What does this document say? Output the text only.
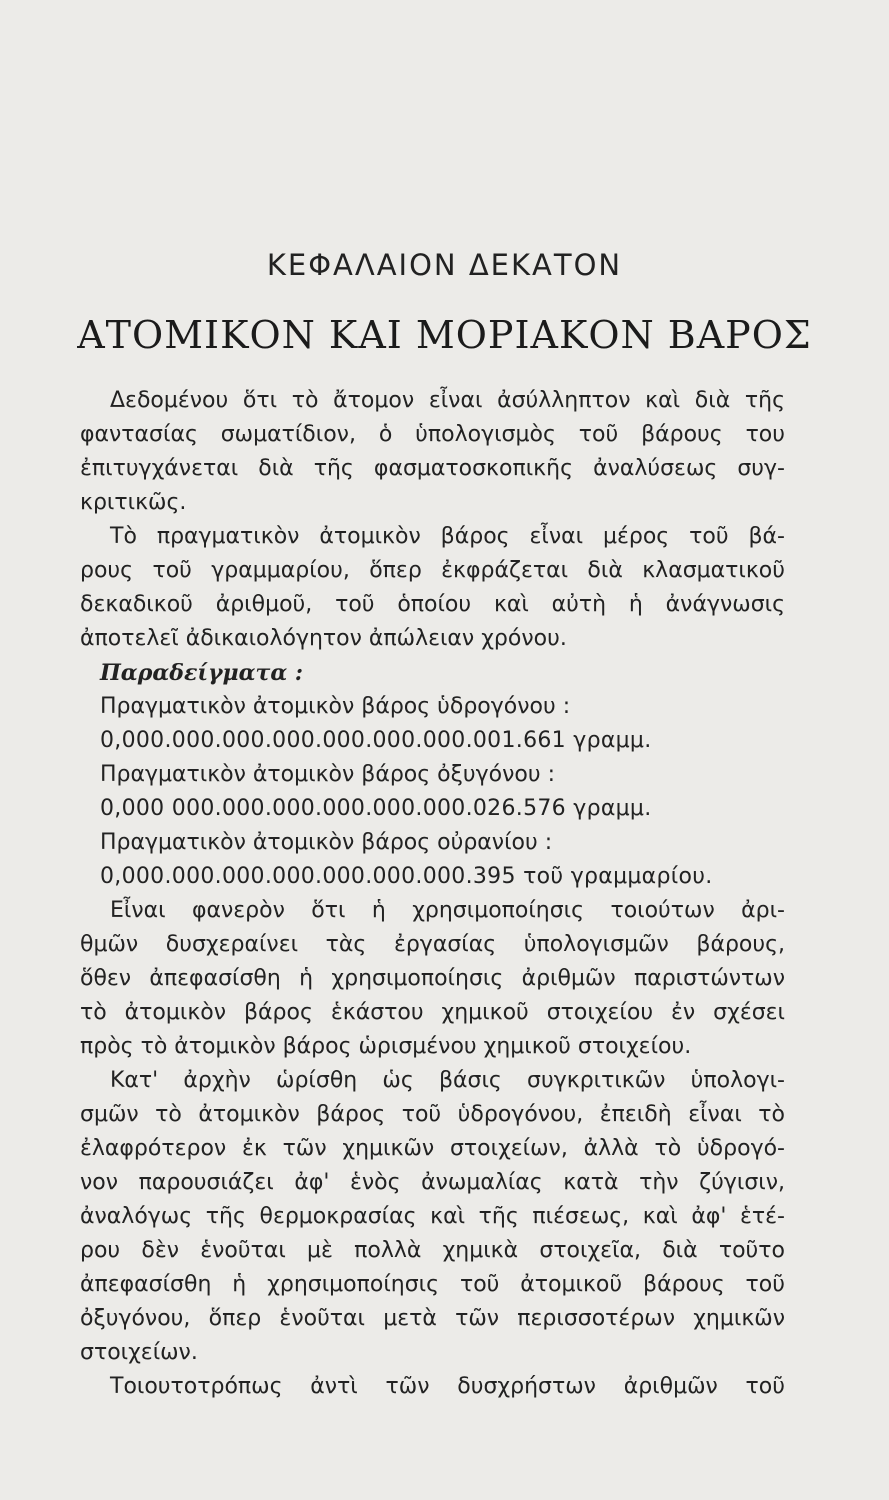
ΚΕΦΑΛΑΙΟΝ ΔΕΚΑΤΟΝ
ΑΤΟΜΙΚΟΝ ΚΑΙ ΜΟΡΙΑΚΟΝ ΒΑΡΟΣ
Δεδομένου ὅτι τὸ ἄτομον εἶναι ἀσύλληπτον καὶ διὰ τῆς
φαντασίας σωματίδιον, ὁ ὑπολογισμὸς τοῦ βάρους του
ἐπιτυγχάνεται διὰ τῆς φασματοσκοπικῆς ἀναλύσεως συγ-
κριτικῶς.
Τὸ πραγματικὸν ἀτομικὸν βάρος εἶναι μέρος τοῦ βά-
ρους τοῦ γραμμαρίου, ὅπερ ἐκφράζεται διὰ κλασματικοῦ
δεκαδικοῦ ἀριθμοῦ, τοῦ ὁποίου καὶ αὐτὴ ἡ ἀνάγνωσις
ἀποτελεῖ ἀδικαιολόγητον ἀπώλειαν χρόνου.
Παραδείγματα :
Πραγματικὸν ἀτομικὸν βάρος ὑδρογόνου :
0,000.000.000.000.000.000.000.001.661 γραμμ.
Πραγματικὸν ἀτομικὸν βάρος ὀξυγόνου :
0,000 000.000.000.000.000.000.026.576 γραμμ.
Πραγματικὸν ἀτομικὸν βάρος οὐρανίου :
0,000.000.000.000.000.000.000.395 τοῦ γραμμαρίου.
Εἶναι φανερὸν ὅτι ἡ χρησιμοποίησις τοιούτων ἀρι-
θμῶν δυσχεραίνει τὰς ἐργασίας ὑπολογισμῶν βάρους,
ὅθεν ἀπεφασίσθη ἡ χρησιμοποίησις ἀριθμῶν παριστώντων
τὸ ἀτομικὸν βάρος ἑκάστου χημικοῦ στοιχείου ἐν σχέσει
πρὸς τὸ ἀτομικὸν βάρος ὡρισμένου χημικοῦ στοιχείου.
Κατ' ἀρχὴν ὡρίσθη ὡς βάσις συγκριτικῶν ὑπολογι-
σμῶν τὸ ἀτομικὸν βάρος τοῦ ὑδρογόνου, ἐπειδὴ εἶναι τὸ
ἐλαφρότερον ἐκ τῶν χημικῶν στοιχείων, ἀλλὰ τὸ ὑδρογό-
νον παρουσιάζει ἀφ' ἑνὸς ἀνωμαλίας κατὰ τὴν ζύγισιν,
ἀναλόγως τῆς θερμοκρασίας καὶ τῆς πιέσεως, καὶ ἀφ' ἑτέ-
ρου δὲν ἑνοῦται μὲ πολλὰ χημικὰ στοιχεῖα, διὰ τοῦτο
ἀπεφασίσθη ἡ χρησιμοποίησις τοῦ ἀτομικοῦ βάρους τοῦ
ὀξυγόνου, ὅπερ ἑνοῦται μετὰ τῶν περισσοτέρων χημικῶν
στοιχείων.
Τοιουτοτρόπως ἀντὶ τῶν δυσχρήστων ἀριθμῶν τοῦ
